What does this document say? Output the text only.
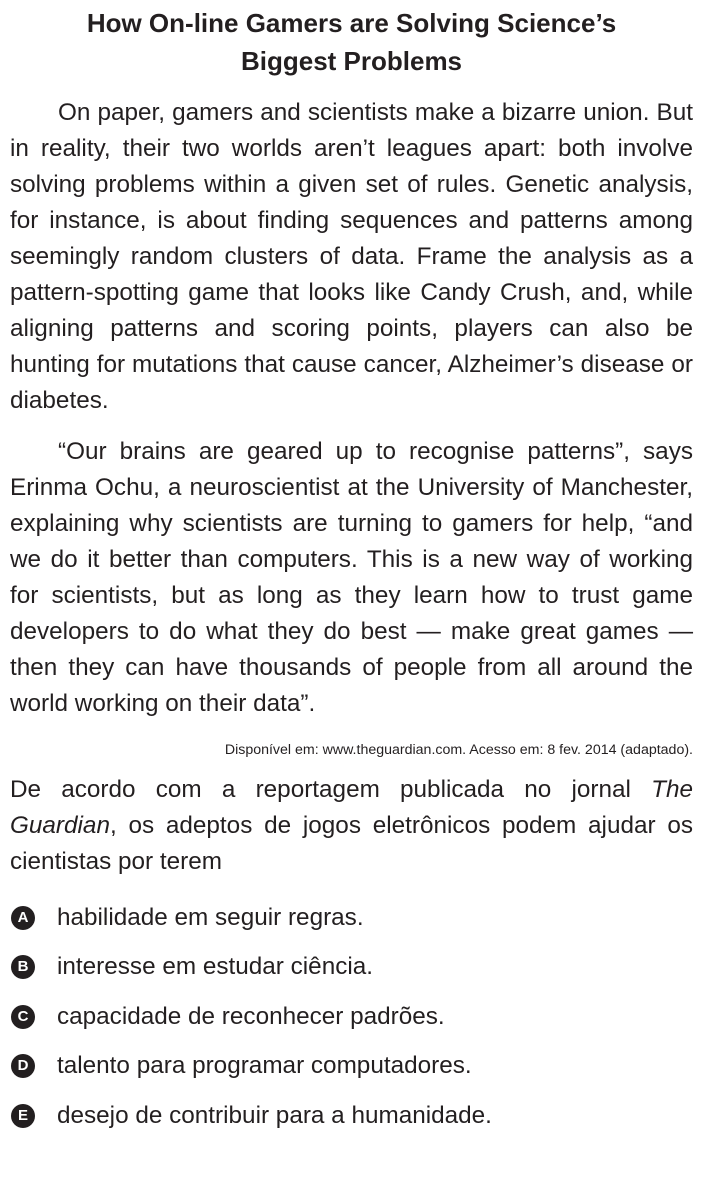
How On-line Gamers are Solving Science’s
Biggest Problems

On paper, gamers and scientists make a bizarre union. But in reality, their two worlds aren’t leagues apart: both involve solving problems within a given set of rules. Genetic analysis, for instance, is about finding sequences and patterns among seemingly random clusters of data. Frame the analysis as a pattern-spotting game that looks like Candy Crush, and, while aligning patterns and scoring points, players can also be hunting for mutations that cause cancer, Alzheimer’s disease or diabetes.

“Our brains are geared up to recognise patterns”, says Erinma Ochu, a neuroscientist at the University of Manchester, explaining why scientists are turning to gamers for help, “and we do it better than computers. This is a new way of working for scientists, but as long as they learn how to trust game developers to do what they do best — make great games — then they can have thousands of people from all around the world working on their data”.

Disponível em: www.theguardian.com. Acesso em: 8 fev. 2014 (adaptado).

De acordo com a reportagem publicada no jornal The Guardian, os adeptos de jogos eletrônicos podem ajudar os cientistas por terem

A habilidade em seguir regras.
B interesse em estudar ciência.
C capacidade de reconhecer padrões.
D talento para programar computadores.
E desejo de contribuir para a humanidade.
